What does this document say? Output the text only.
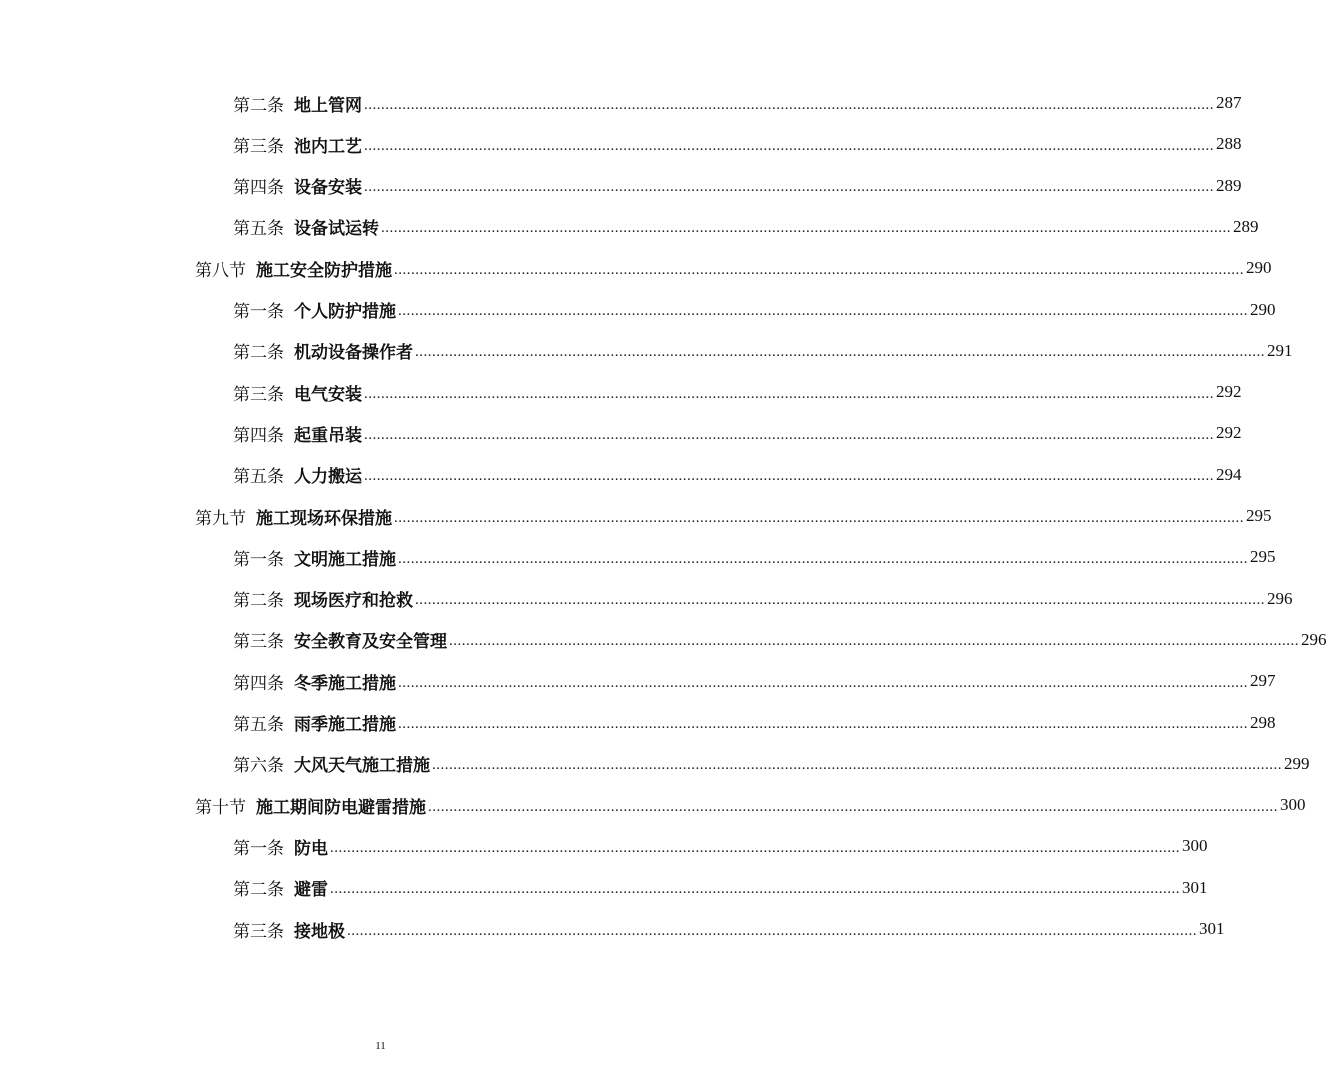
第二条 地上管网 ........................................................................................................................................................................................................ 287
第三条 池内工艺 ........................................................................................................................................................................................................ 288
第四条 设备安装 ........................................................................................................................................................................................................ 289
第五条 设备试运转 ........................................................................................................................................................................................................ 289
第八节 施工安全防护措施 ........................................................................................................................................................................................................ 290
第一条 个人防护措施 ........................................................................................................................................................................................................ 290
第二条 机动设备操作者 ........................................................................................................................................................................................................ 291
第三条 电气安装 ........................................................................................................................................................................................................ 292
第四条 起重吊装 ........................................................................................................................................................................................................ 292
第五条 人力搬运 ........................................................................................................................................................................................................ 294
第九节 施工现场环保措施 ........................................................................................................................................................................................................ 295
第一条 文明施工措施 ........................................................................................................................................................................................................ 295
第二条 现场医疗和抢救 ........................................................................................................................................................................................................ 296
第三条 安全教育及安全管理 ........................................................................................................................................................................................................ 296
第四条 冬季施工措施 ........................................................................................................................................................................................................ 297
第五条 雨季施工措施 ........................................................................................................................................................................................................ 298
第六条 大风天气施工措施 ........................................................................................................................................................................................................ 299
第十节 施工期间防电避雷措施 ........................................................................................................................................................................................................ 300
第一条 防电 ........................................................................................................................................................................................................ 300
第二条 避雷 ........................................................................................................................................................................................................ 301
第三条 接地极 ........................................................................................................................................................................................................ 301
11
